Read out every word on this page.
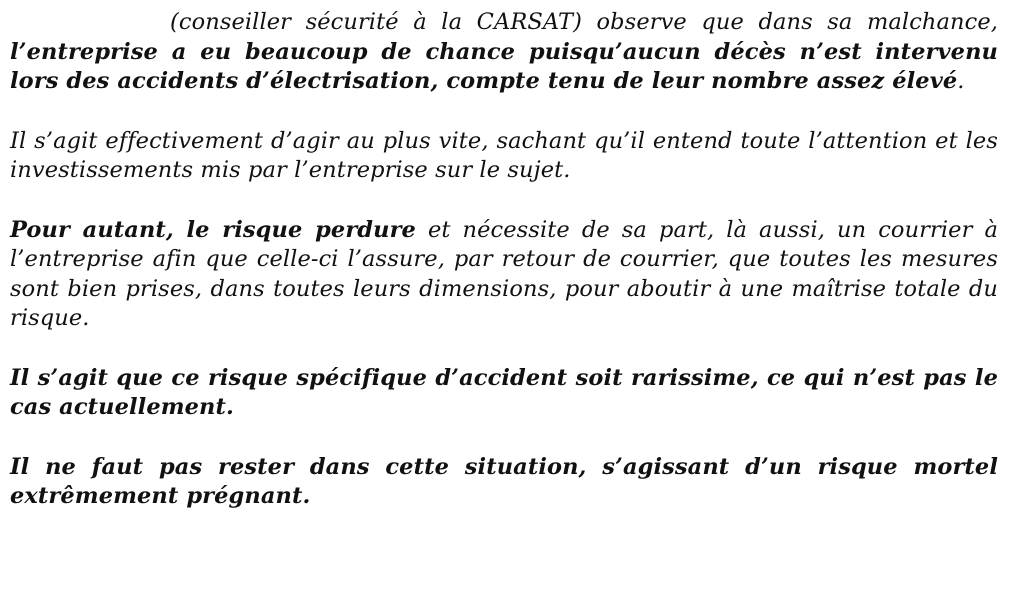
(conseiller sécurité à la CARSAT) observe que dans sa malchance, l’entreprise a eu beaucoup de chance puisqu’aucun décès n’est intervenu lors des accidents d’électrisation, compte tenu de leur nombre assez élevé.

Il s’agit effectivement d’agir au plus vite, sachant qu’il entend toute l’attention et les investissements mis par l’entreprise sur le sujet.

Pour autant, le risque perdure et nécessite de sa part, là aussi, un courrier à l’entreprise afin que celle-ci l’assure, par retour de courrier, que toutes les mesures sont bien prises, dans toutes leurs dimensions, pour aboutir à une maîtrise totale du risque.

Il s’agit que ce risque spécifique d’accident soit rarissime, ce qui n’est pas le cas actuellement.

Il ne faut pas rester dans cette situation, s’agissant d’un risque mortel extrêmement prégnant.
